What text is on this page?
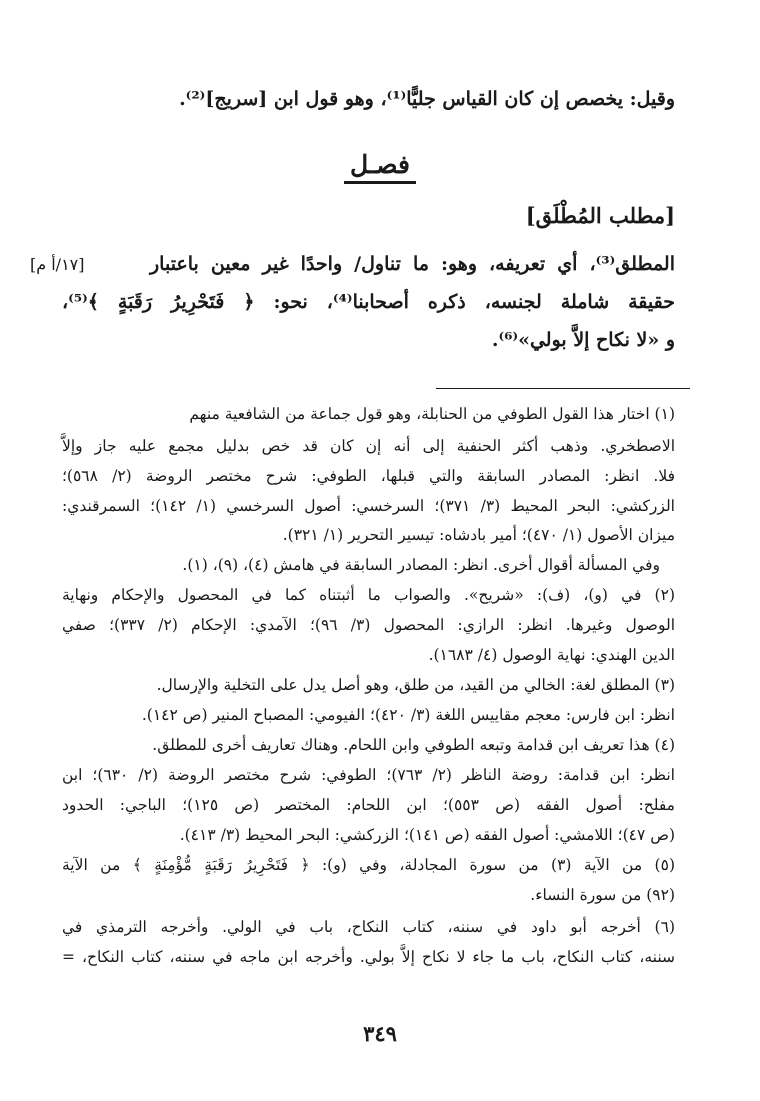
وقيل: يخصص إن كان القياس جليًّا⁽¹⁾، وهو قول ابن [سريج]⁽²⁾.
فصـل
[مطلب المُطْلَق]
[١٧/أ م]	المطلق⁽³⁾، أي تعريفه، وهو: ما تناول/ واحدًا غير معين باعتبار
حقيقة شاملة لجنسه، ذكره أصحابنا⁽⁴⁾، نحو: ﴿ فَتَحْرِيرُ رَقَبَةٍ ﴾⁽⁵⁾،
و «لا نكاح إلاَّ بولي»⁽⁶⁾.
(١) اختار هذا القول الطوفي من الحنابلة، وهو قول جماعة من الشافعية منهم
الاصطخري. وذهب أكثر الحنفية إلى أنه إن كان قد خص بدليل مجمع عليه جاز وإلاَّ
فلا. انظر: المصادر السابقة والتي قبلها، الطوفي: شرح مختصر الروضة (٢/ ٥٦٨)؛
الزركشي: البحر المحيط (٣/ ٣٧١)؛ السرخسي: أصول السرخسي (١/ ١٤٢)؛ السمرقندي:
ميزان الأصول (١/ ٤٧٠)؛ أمير بادشاه: تيسير التحرير (١/ ٣٢١).
وفي المسألة أقوال أخرى. انظر: المصادر السابقة في هامش (٤)، (٩)، (١).
(٢) في (و)، (ف): «شريح». والصواب ما أثبتناه كما في المحصول والإحكام ونهاية
الوصول وغيرها. انظر: الرازي: المحصول (٣/ ٩٦)؛ الآمدي: الإحكام (٢/ ٣٣٧)؛ صفي
الدين الهندي: نهاية الوصول (٤/ ١٦٨٣).
(٣) المطلق لغة: الخالي من القيد، من طلق، وهو أصل يدل على التخلية والإرسال.
انظر: ابن فارس: معجم مقاييس اللغة (٣/ ٤٢٠)؛ الفيومي: المصباح المنير (ص ١٤٢).
(٤) هذا تعريف ابن قدامة وتبعه الطوفي وابن اللحام. وهناك تعاريف أخرى للمطلق.
انظر: ابن قدامة: روضة الناظر (٢/ ٧٦٣)؛ الطوفي: شرح مختصر الروضة (٢/ ٦٣٠)؛ ابن
مفلح: أصول الفقه (ص ٥٥٣)؛ ابن اللحام: المختصر (ص ١٢٥)؛ الباجي: الحدود
(ص ٤٧)؛ اللامشي: أصول الفقه (ص ١٤١)؛ الزركشي: البحر المحيط (٣/ ٤١٣).
(٥) من الآية (٣) من سورة المجادلة، وفي (و): ﴿ فَتَحْرِيرُ رَقَبَةٍ مُّؤْمِنَةٍ ﴾ من الآية
(٩٢) من سورة النساء.
(٦) أخرجه أبو داود في سننه، كتاب النكاح، باب في الولي. وأخرجه الترمذي في
سننه، كتاب النكاح، باب ما جاء لا نكاح إلاَّ بولي. وأخرجه ابن ماجه في سننه، كتاب النكاح، =
٣٤٩
